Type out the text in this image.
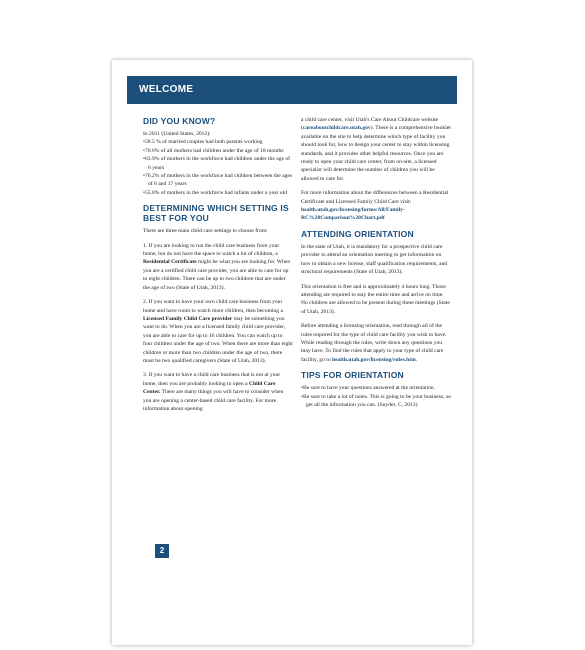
WELCOME
DID YOU KNOW?
In 2011 (United States, 2012):
•58.5 % of married couples had both parents working
•70.6% of all mothers had children under the age of 18 months
•63.9% of mothers in the workforce had children under the age of 6 years
•76.2% of mothers in the workforce had children between the ages of 6 and 17 years
•55.8% of mothers in the workforce had infants under a year old
DETERMINING WHICH SETTING IS BEST FOR YOU

There are three main child care settings to choose from:

1. If you are looking to run the child care business from your home, but do not have the space to watch a lot of children, a Residential Certificate might be what you are looking for. When you are a certified child care provider, you are able to care for up to eight children. There can be up to two children that are under the age of two (State of Utah, 2013).

2. If you want to have your own child care business from your home and have room to watch more children, then becoming a Licensed Family Child Care provider may be something you want to do. When you are a licensed family child care provider, you are able to care for up to 16 children. You can watch up to four children under the age of two. When there are more than eight children or more than two children under the age of two, there must be two qualified caregivers (State of Utah, 2013).

3. If you want to have a child care business that is not at your home, then you are probably looking to open a Child Care Center. There are many things you will have to consider when you are opening a center-based child care facility. For more information about opening

a child care center, visit Utah's Care About Childcare website (careaboutchildcare.utah.gov). There is a comprehensive booklet available on the site to help determine which type of facility you should look for, how to design your center to stay within licensing standards, and it provides other helpful resources. Once you are ready to open your child care center, from on-site, a licensed specialist will determine the number of children you will be allowed to care for.

For more information about the differences between a Residential Certificate and Licensed Family Child Care visit: health.utah.gov/licensing/forms/All/Family-RC%20Comparison%20Chart.pdf

ATTENDING ORIENTATION

In the state of Utah, it is mandatory for a prospective child care provider to attend an orientation meeting to get information on how to obtain a new license, staff qualification requirements, and structural requirements (State of Utah, 2013).

This orientation is free and is approximately 4 hours long. Those attending are required to stay the entire time and arrive on time. No children are allowed to be present during these meetings (State of Utah, 2013).

Before attending a licensing orientation, read through all of the rules required for the type of child care facility you wish to have. While reading through the rules, write down any questions you may have. To find the rules that apply to your type of child care facility, go to health.utah.gov/licensing/rules.htm.

TIPS FOR ORIENTATION
•Be sure to have your questions answered at the orientation.
•Be sure to take a lot of notes. This is going to be your business, so get all the information you can. (Snyder, C, 2013)
2
